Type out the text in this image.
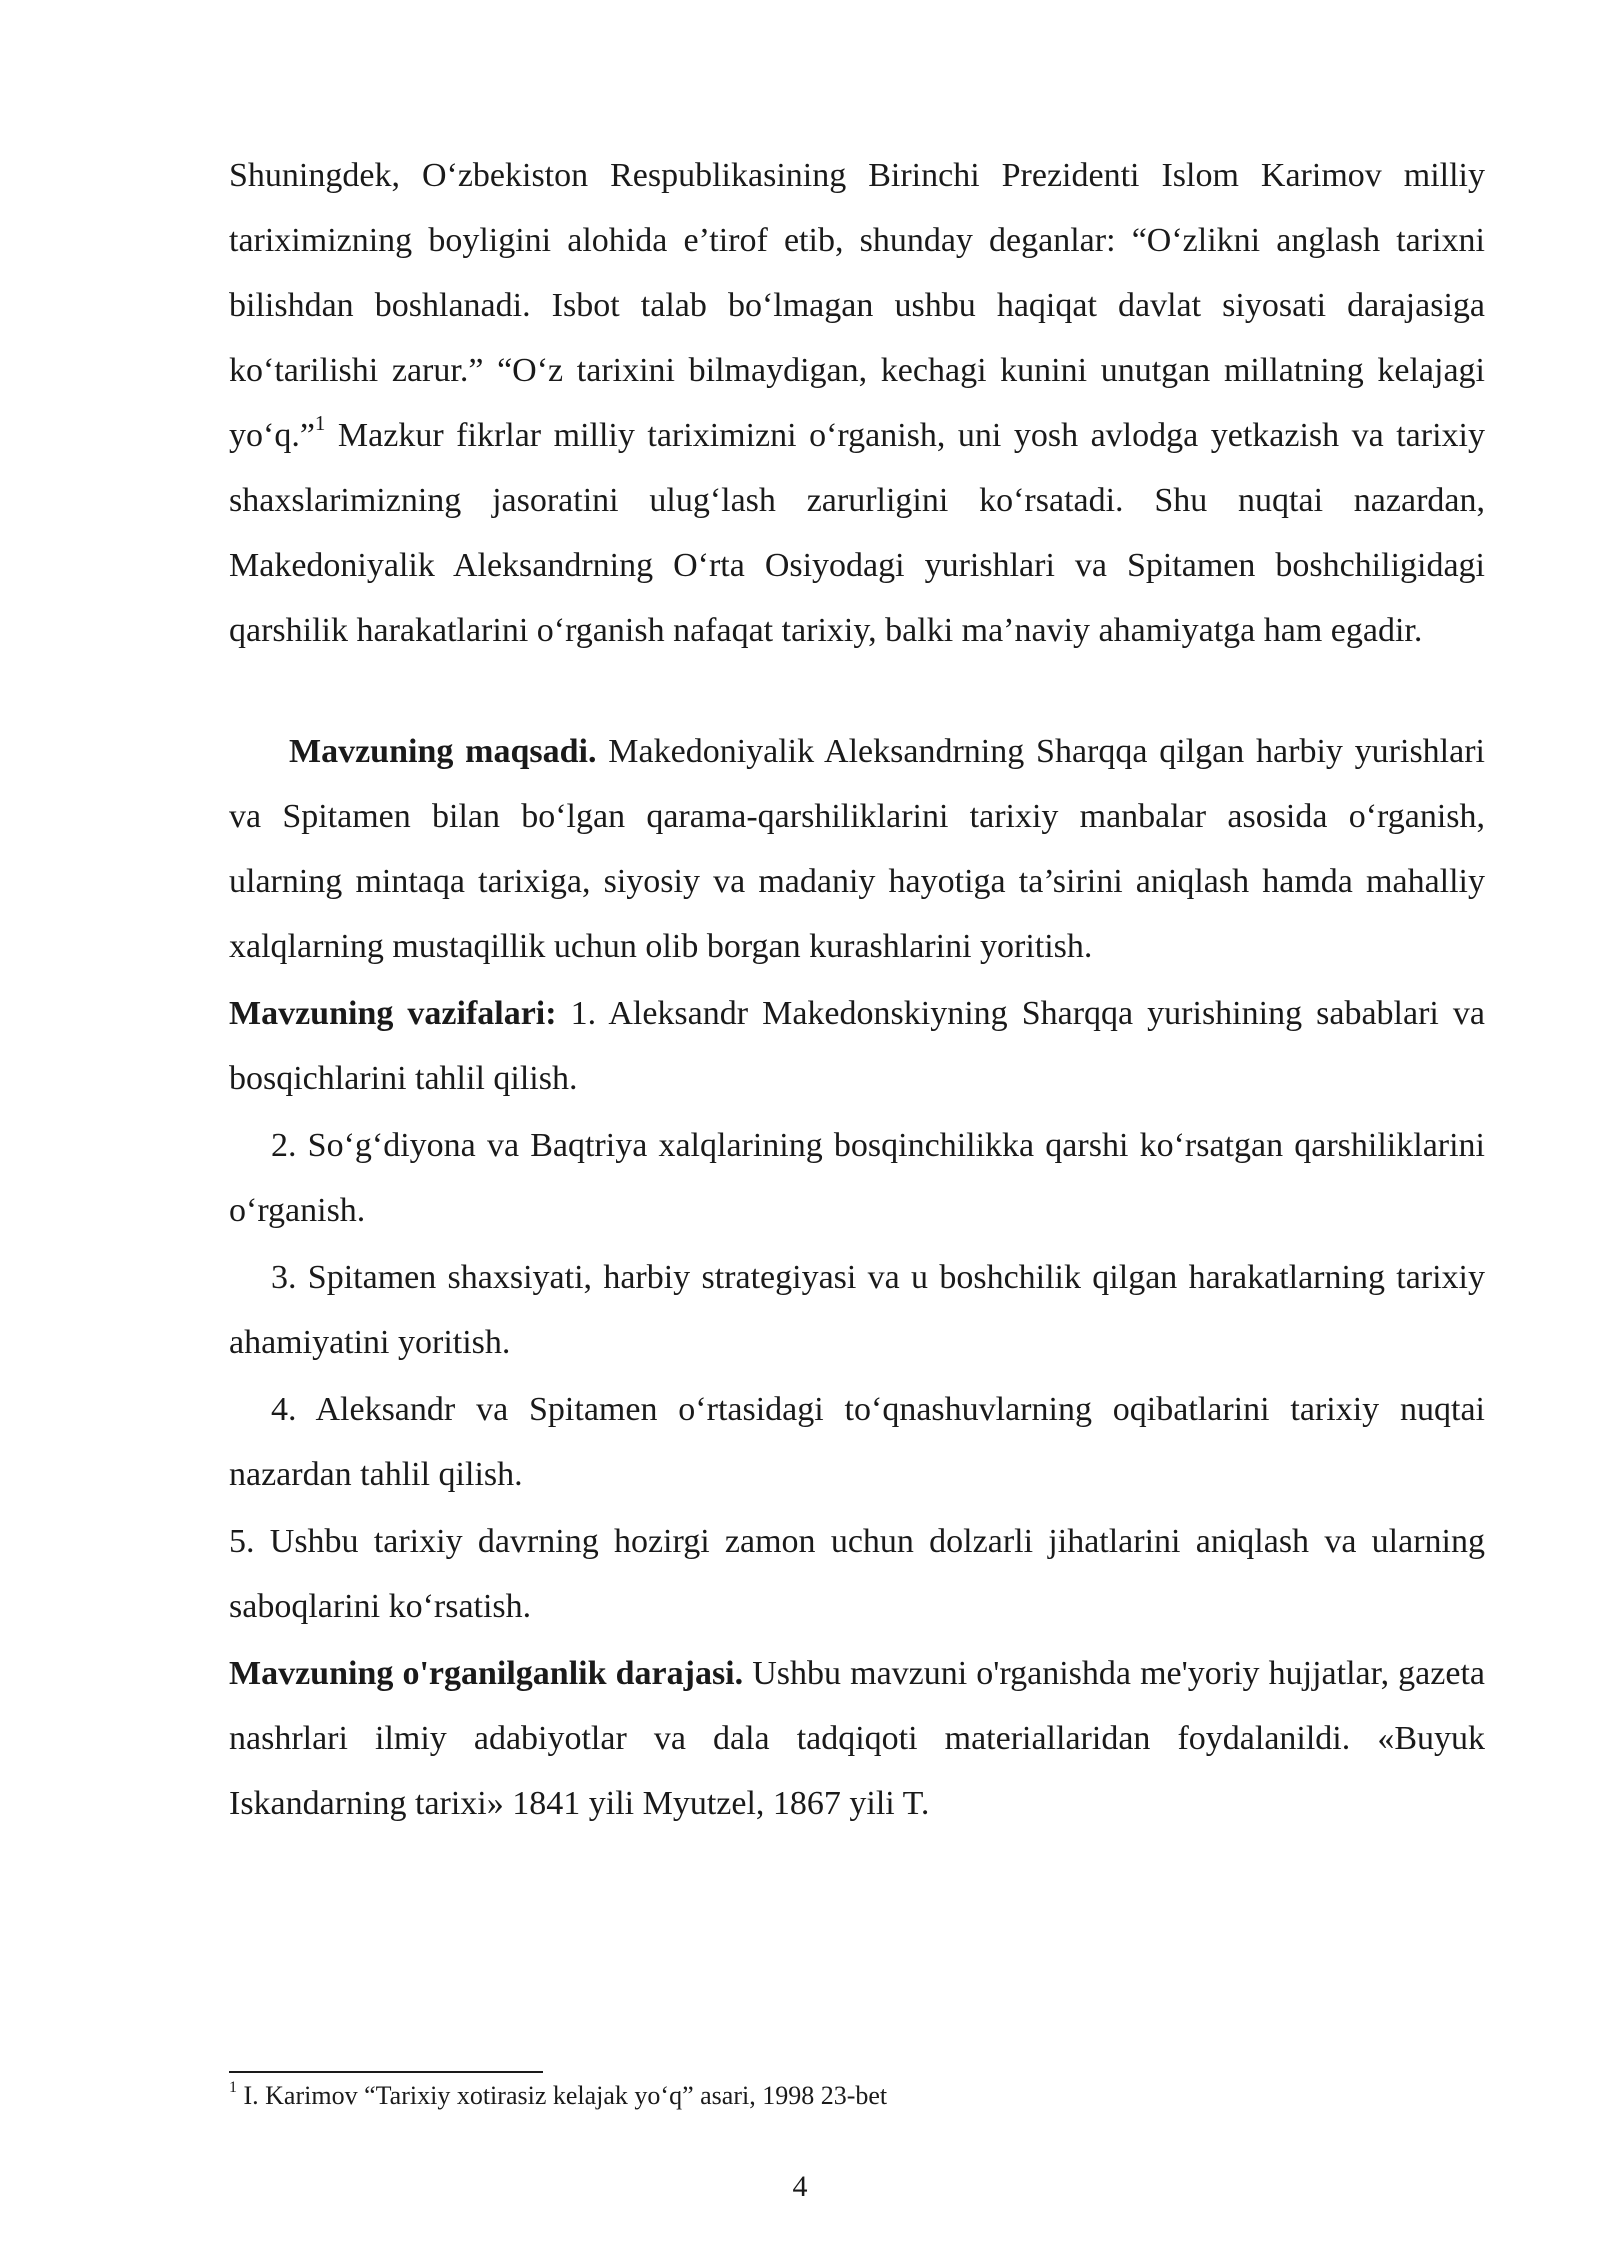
Shuningdek, O‘zbekiston Respublikasining Birinchi Prezidenti Islom Karimov milliy tariximizning boyligini alohida e’tirof etib, shunday deganlar: “O‘zlikni anglash tarixni bilishdan boshlanadi. Isbot talab bo‘lmagan ushbu haqiqat davlat siyosati darajasiga ko‘tarilishi zarur.” “O‘z tarixini bilmaydigan, kechagi kunini unutgan millatning kelajagi yo‘q.”$^1$ Mazkur fikrlar milliy tariximizni o‘rganish, uni yosh avlodga yetkazish va tarixiy shaxslarimizning jasoratini ulug‘lash zarurligini ko‘rsatadi. Shu nuqtai nazardan, Makedoniyalik Aleksandrning O‘rta Osiyodagi yurishlari va Spitamen boshchiligidagi qarshilik harakatlarini o‘rganish nafaqat tarixiy, balki ma’naviy ahamiyatga ham egadir.

Mavzuning maqsadi. Makedoniyalik Aleksandrning Sharqqa qilgan harbiy yurishlari va Spitamen bilan bo‘lgan qarama-qarshiliklarini tarixiy manbalar asosida o‘rganish, ularning mintaqa tarixiga, siyosiy va madaniy hayotiga ta’sirini aniqlash hamda mahalliy xalqlarning mustaqillik uchun olib borgan kurashlarini yoritish.

Mavzuning vazifalari: 1. Aleksandr Makedonskiyning Sharqqa yurishining sabablari va bosqichlarini tahlil qilish.

2. So‘g‘diyona va Baqtriya xalqlarining bosqinchilikka qarshi ko‘rsatgan qarshiliklarini o‘rganish.

3. Spitamen shaxsiyati, harbiy strategiyasi va u boshchilik qilgan harakatlarning tarixiy ahamiyatini yoritish.

4. Aleksandr va Spitamen o‘rtasidagi to‘qnashuvlarning oqibatlarini tarixiy nuqtai nazardan tahlil qilish.

5. Ushbu tarixiy davrning hozirgi zamon uchun dolzarli jihatlarini aniqlash va ularning saboqlarini ko‘rsatish.

Mavzuning o'rganilganlik darajasi. Ushbu mavzuni o'rganishda me'yoriy hujjatlar, gazeta nashrlari ilmiy adabiyotlar va dala tadqiqoti materiallaridan foydalanildi. «Buyuk Iskandarning tarixi» 1841 yili Myutzel, 1867 yili T.

$^1$ I. Karimov “Tarixiy xotirasiz kelajak yo‘q” asari, 1998 23-bet

4
